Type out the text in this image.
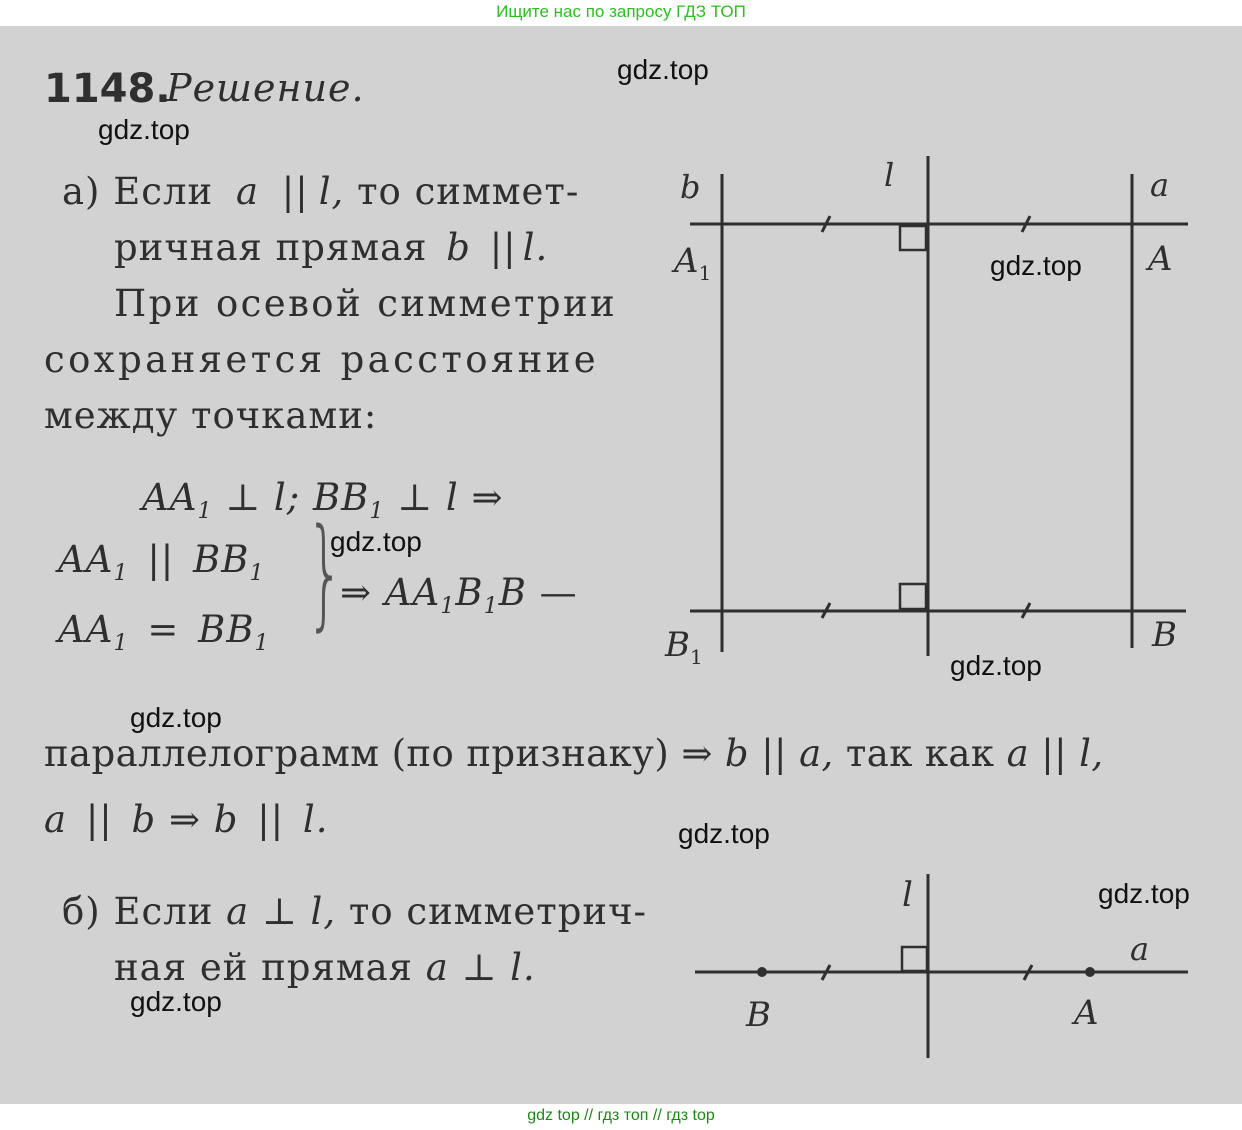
Ищите нас по запросу ГДЗ ТОП
1148.
Решение.
а) Если a || l, то симмет-
ричная прямая b || l.
При осевой симметрии
сохраняется расстояние
между точками:
$AA_1$ ⊥ l; $BB_1$ ⊥ l ⇒
$AA_1$ || $BB_1$
$AA_1 = BB_1$ }
⇒ $AA_1B_1B$ —
параллелограмм (по признаку) ⇒ b || a, так как a || l,
a || b ⇒ b || l.
б) Если a ⊥ l, то симметрич-
ная ей прямая a ⊥ l.
b	l	a
$A_1$	A
$B_1$
B
l
a
B	A
gdz.top
gdz.top
gdz.top
gdz.top
gdz.top
gdz.top
gdz.top
gdz.top
gdz.top
gdz top // гдз топ // гдз top
